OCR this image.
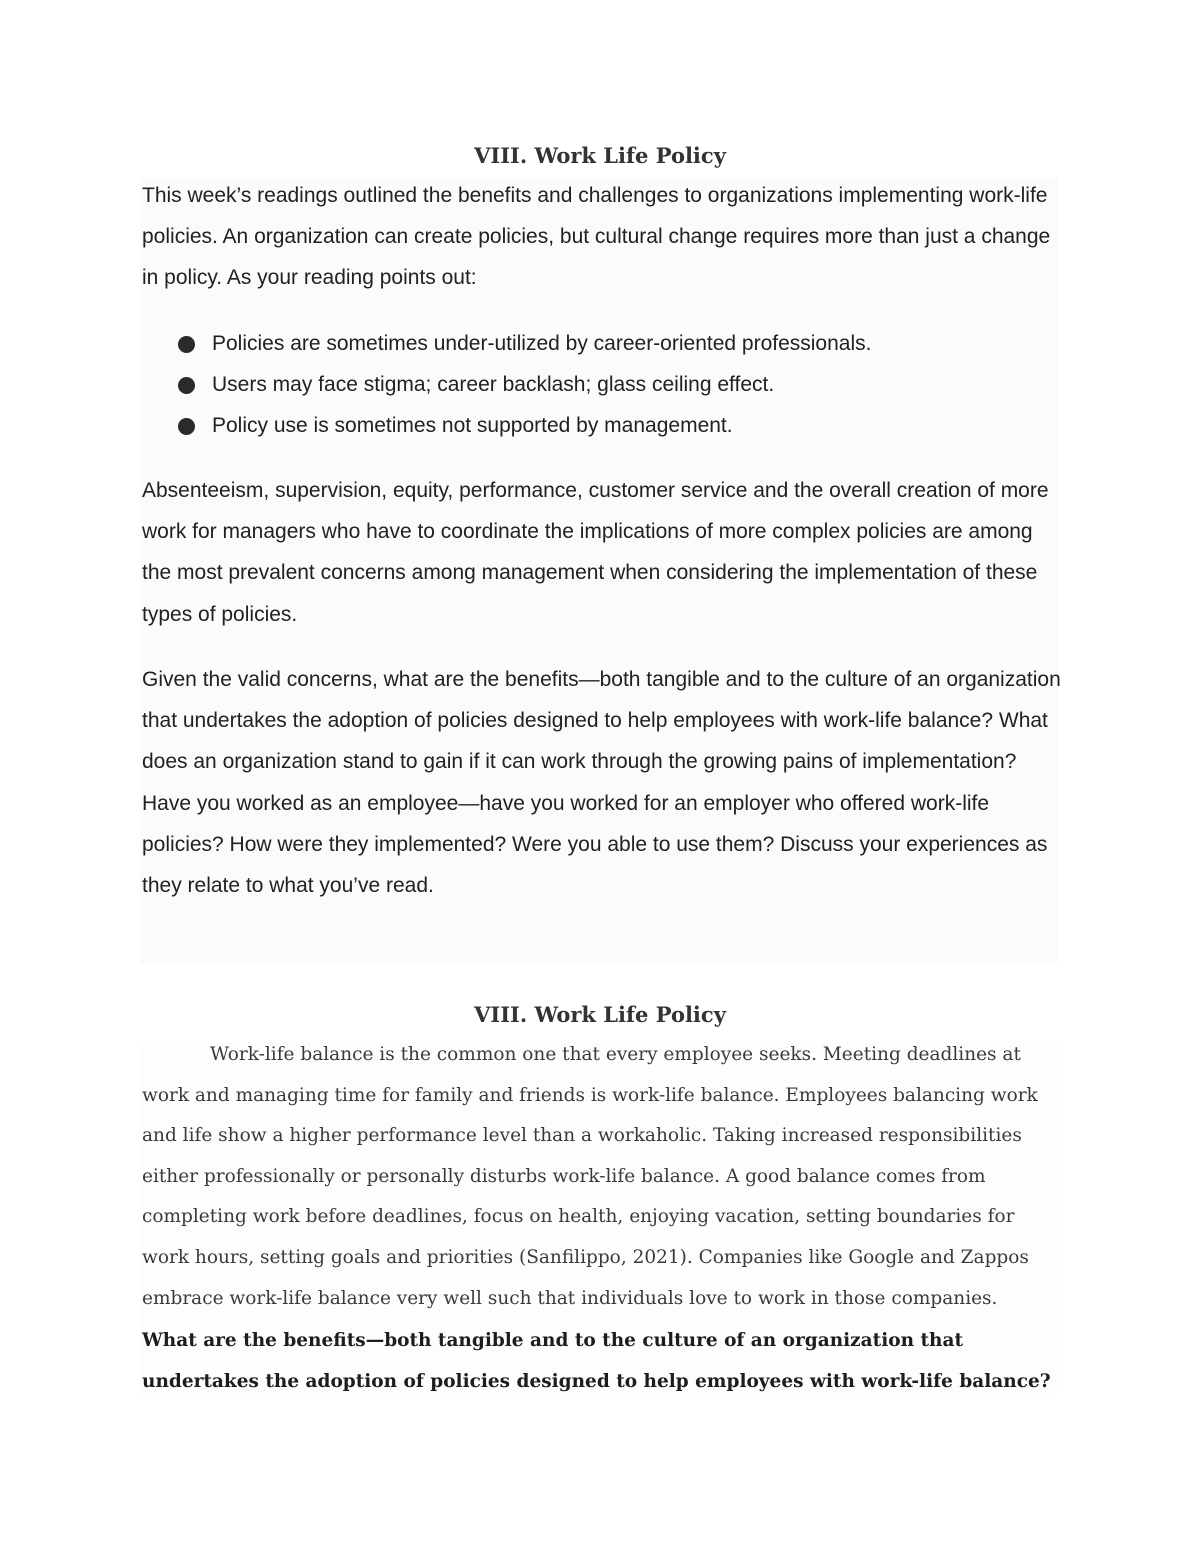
VIII. Work Life Policy

This week’s readings outlined the benefits and challenges to organizations implementing work-life policies. An organization can create policies, but cultural change requires more than just a change in policy. As your reading points out:

Policies are sometimes under-utilized by career-oriented professionals.
Users may face stigma; career backlash; glass ceiling effect.
Policy use is sometimes not supported by management.

Absenteeism, supervision, equity, performance, customer service and the overall creation of more work for managers who have to coordinate the implications of more complex policies are among the most prevalent concerns among management when considering the implementation of these types of policies.

Given the valid concerns, what are the benefits—both tangible and to the culture of an organization that undertakes the adoption of policies designed to help employees with work-life balance? What does an organization stand to gain if it can work through the growing pains of implementation? Have you worked as an employee—have you worked for an employer who offered work-life policies? How were they implemented? Were you able to use them? Discuss your experiences as they relate to what you’ve read.

VIII. Work Life Policy

Work-life balance is the common one that every employee seeks. Meeting deadlines at work and managing time for family and friends is work-life balance. Employees balancing work and life show a higher performance level than a workaholic. Taking increased responsibilities either professionally or personally disturbs work-life balance. A good balance comes from completing work before deadlines, focus on health, enjoying vacation, setting boundaries for work hours, setting goals and priorities (Sanfilippo, 2021). Companies like Google and Zappos embrace work-life balance very well such that individuals love to work in those companies.

What are the benefits—both tangible and to the culture of an organization that undertakes the adoption of policies designed to help employees with work-life balance?
